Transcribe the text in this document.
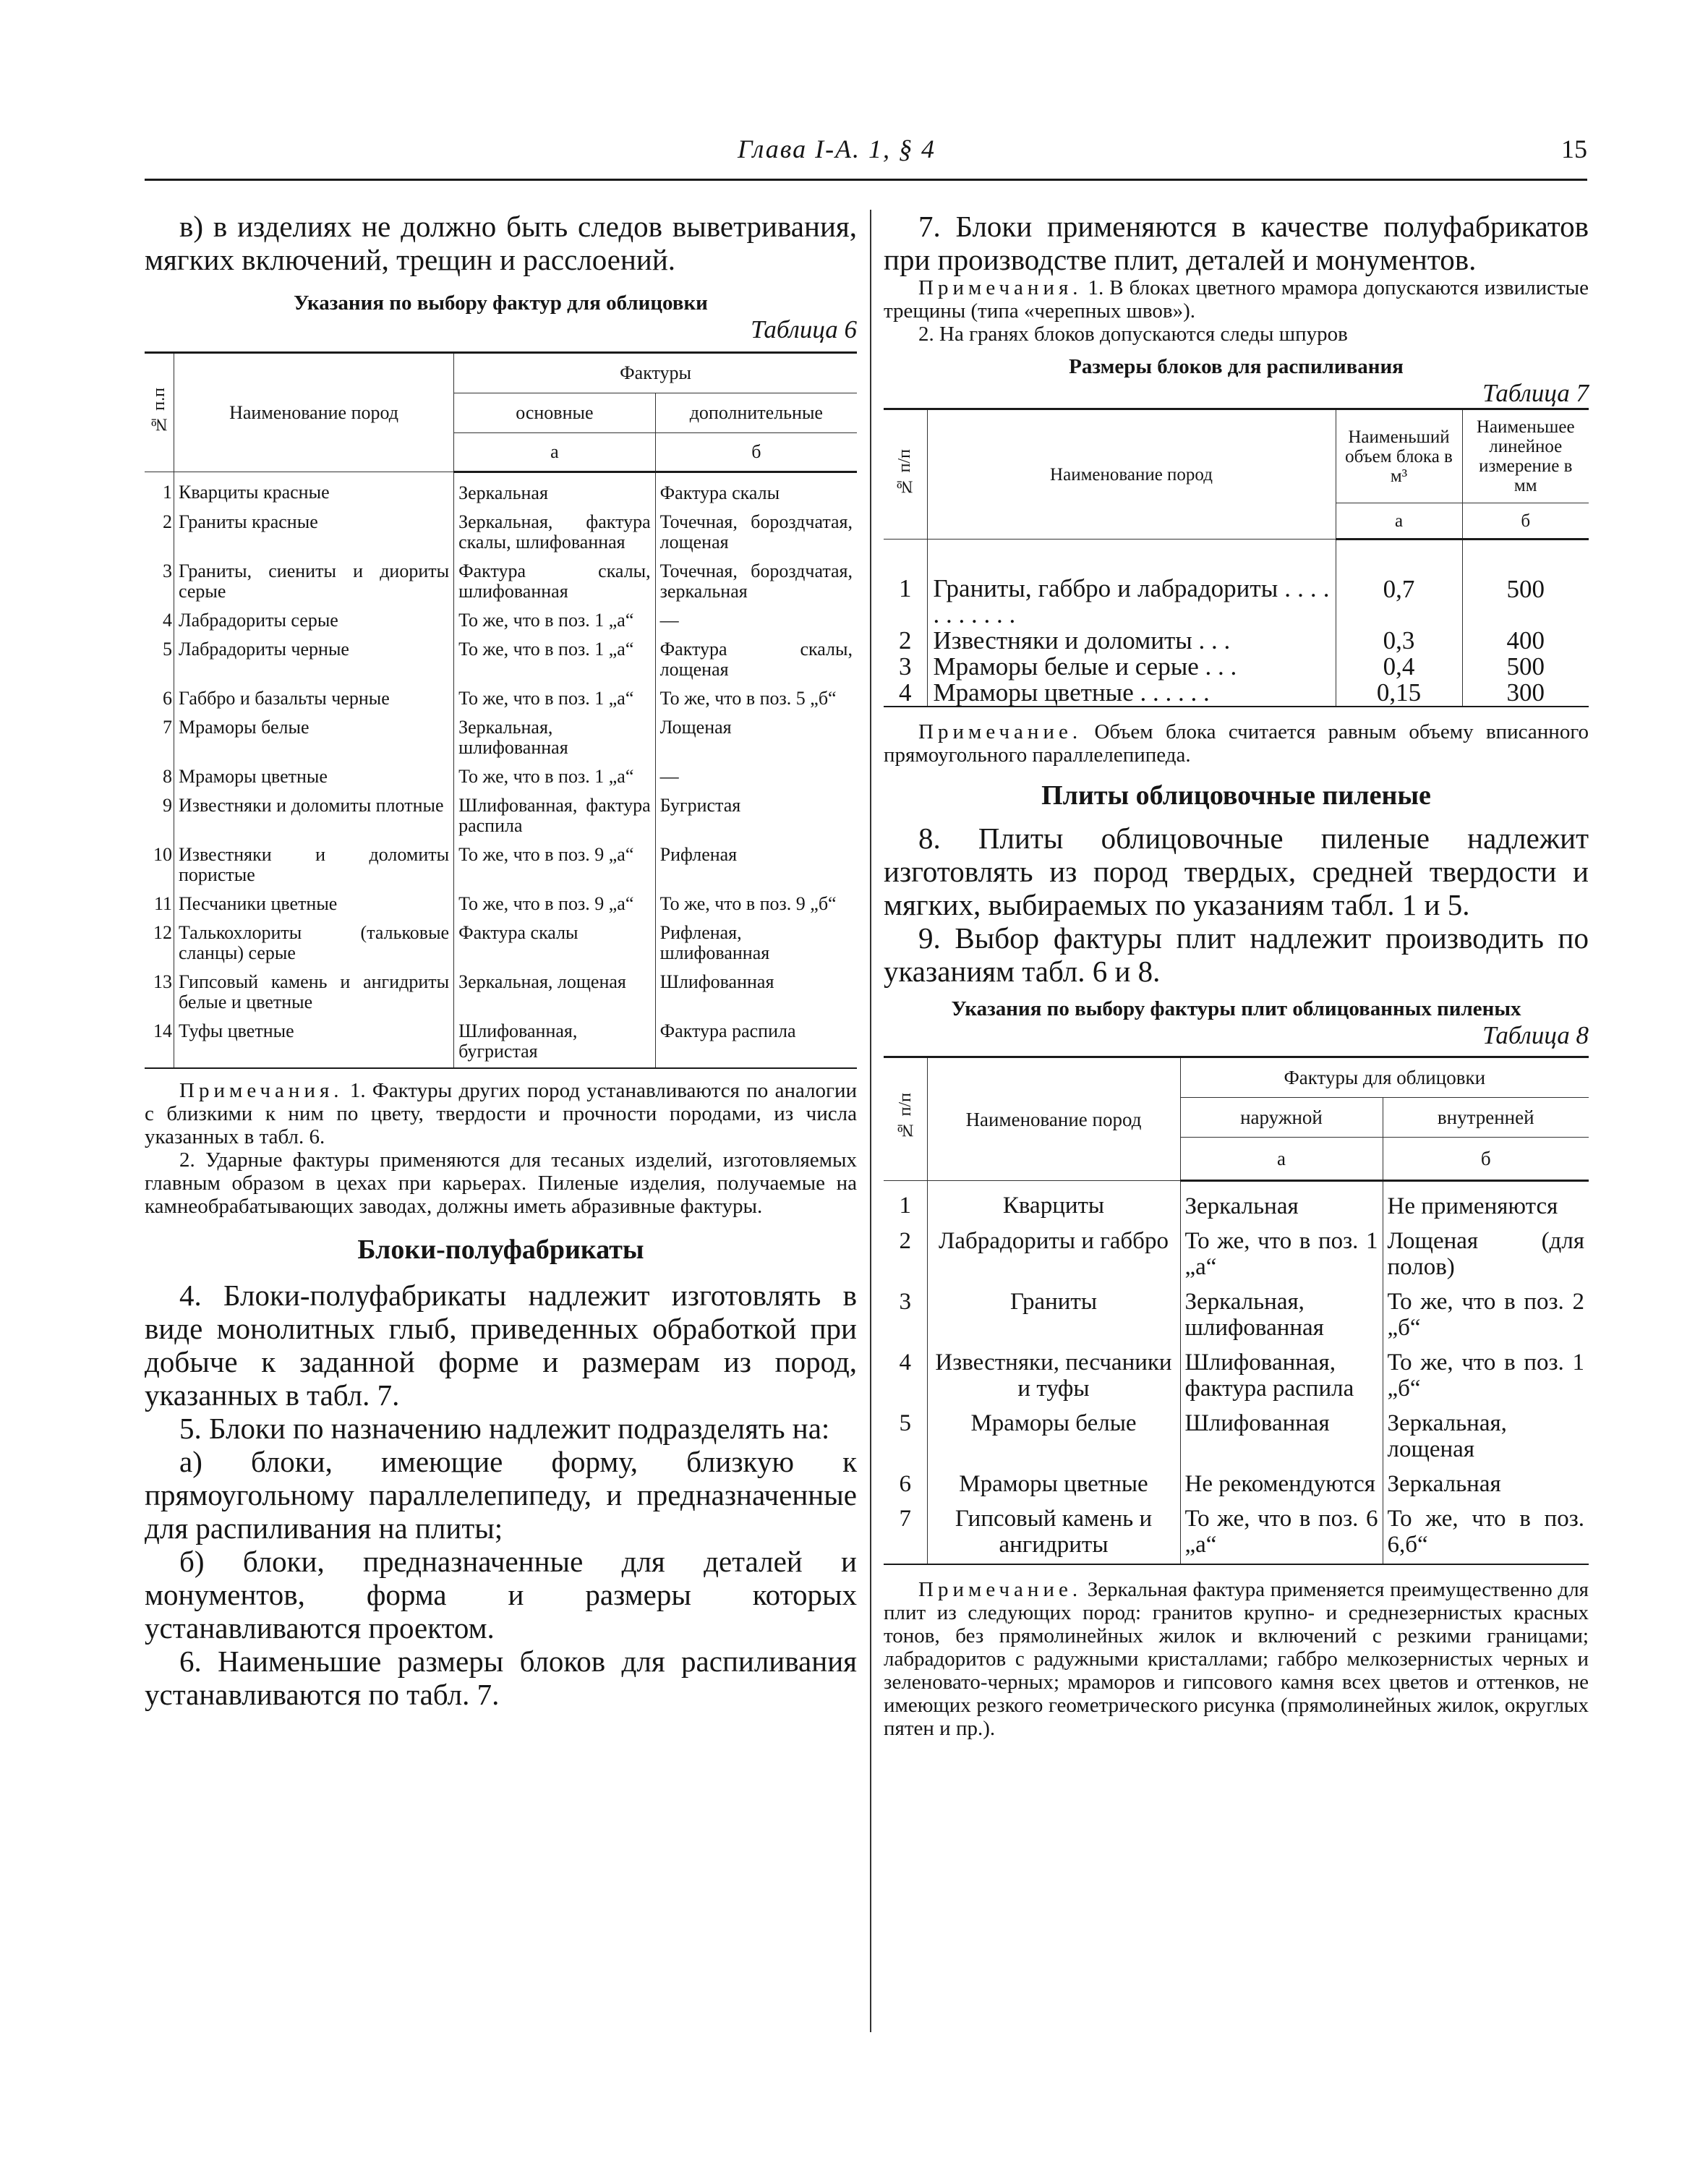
Глава I-A. 1, § 4	15

в) в изделиях не должно быть следов выветривания, мягких включений, трещин и расслоений.

Указания по выбору фактур для облицовки

Таблица 6

№ п.п	Наименование пород	Фактуры	
		основные	дополнительные
		а	б
1	Кварциты красные	Зеркальная	Фактура скалы
2	Граниты красные	Зеркальная, фактура скалы, шлифованная	Точечная, бороздчатая, лощеная
3	Граниты, сиениты и диориты серые	Фактура скалы, шлифованная	Точечная, бороздчатая, зеркальная
4	Лабрадориты серые	То же, что в поз. 1 „а“	—
5	Лабрадориты черные	То же, что в поз. 1 „а“	Фактура скалы, лощеная
6	Габбро и базальты черные	То же, что в поз. 1 „а“	То же, что в поз. 5 „б“
7	Мраморы белые	Зеркальная, шлифованная	Лощеная
8	Мраморы цветные	То же, что в поз. 1 „а“	—
9	Известняки и доломиты плотные	Шлифованная, фактура распила	Бугристая
10	Известняки и доломиты пористые	То же, что в поз. 9 „а“	Рифленая
11	Песчаники цветные	То же, что в поз. 9 „а“	То же, что в поз. 9 „б“
12	Талькохлориты (тальковые сланцы) серые	Фактура скалы	Рифленая, шлифованная
13	Гипсовый камень и ангидриты белые и цветные	Зеркальная, лощеная	Шлифованная
14	Туфы цветные	Шлифованная, бугристая	Фактура распила

Примечания. 1. Фактуры других пород устанавливаются по аналогии с близкими к ним по цвету, твердости и прочности породами, из числа указанных в табл. 6.

2. Ударные фактуры применяются для тесаных изделий, изготовляемых главным образом в цехах при карьерах. Пиленые изделия, получаемые на камнеобрабатывающих заводах, должны иметь абразивные фактуры.

Блоки-полуфабрикаты

4. Блоки-полуфабрикаты надлежит изготовлять в виде монолитных глыб, приведенных обработкой при добыче к заданной форме и размерам из пород, указанных в табл. 7.

5. Блоки по назначению надлежит подразделять на:

а) блоки, имеющие форму, близкую к прямоугольному параллелепипеду, и предназначенные для распиливания на плиты;

б) блоки, предназначенные для деталей и монументов, форма и размеры которых устанавливаются проектом.

6. Наименьшие размеры блоков для распиливания устанавливаются по табл. 7.

7. Блоки применяются в качестве полуфабрикатов при производстве плит, деталей и монументов.

Примечания. 1. В блоках цветного мрамора допускаются извилистые трещины (типа «черепных швов»).

2. На гранях блоков допускаются следы шпуров

Размеры блоков для распиливания

Таблица 7

№ п/п	Наименование пород	Наименьший объем блока в м³	Наименьшее линейное измерение в мм
		а	б
1	Граниты, габбро и лабрадориты . . . . . . . . . . .	0,7	500
2	Известняки и доломиты . . .	0,3	400
3	Мраморы белые и серые . . .	0,4	500
4	Мраморы цветные . . . . . .	0,15	300

Примечание. Объем блока считается равным объему вписанного прямоугольного параллелепипеда.

Плиты облицовочные пиленые

8. Плиты облицовочные пиленые надлежит изготовлять из пород твердых, средней твердости и мягких, выбираемых по указаниям табл. 1 и 5.

9. Выбор фактуры плит надлежит производить по указаниям табл. 6 и 8.

Указания по выбору фактуры плит облицованных пиленых

Таблица 8

№ п/п	Наименование пород	Фактуры для облицовки	
		наружной	внутренней
		а	б
1	Кварциты	Зеркальная	Не применяются
2	Лабрадориты и габбро	То же, что в поз. 1 „а“	Лощеная (для полов)
3	Граниты	Зеркальная, шлифованная	То же, что в поз. 2 „б“
4	Известняки, песчаники и туфы	Шлифованная, фактура распила	То же, что в поз. 1 „б“
5	Мраморы белые	Шлифованная	Зеркальная, лощеная
6	Мраморы цветные	Не рекомендуются	Зеркальная
7	Гипсовый камень и ангидриты	То же, что в поз. 6 „а“	То же, что в поз. 6,б“

Примечание. Зеркальная фактура применяется преимущественно для плит из следующих пород: гранитов крупно- и среднезернистых красных тонов, без прямолинейных жилок и включений с резкими границами; лабрадоритов с радужными кристаллами; габбро мелкозернистых черных и зеленовато-черных; мраморов и гипсового камня всех цветов и оттенков, не имеющих резкого геометрического рисунка (прямолинейных жилок, округлых пятен и пр.).
